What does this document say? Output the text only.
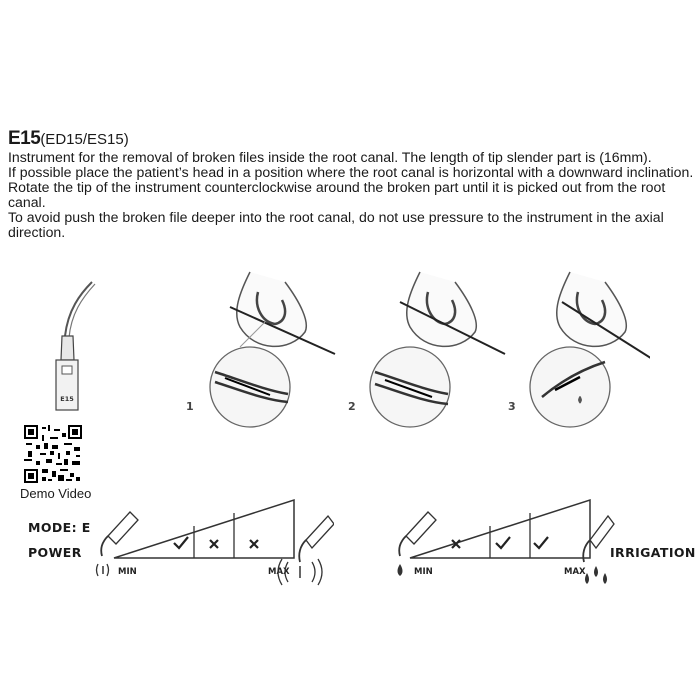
E15(ED15/ES15)

Instrument for the removal of broken files inside the root canal. The length of tip slender part is (16mm).

If possible place the patient’s head in a position where the root canal is horizontal with a downward inclination. Rotate the tip of the instrument counterclockwise around the broken part until it is picked out from the root canal.

To avoid push the broken file deeper into the root canal, do not use pressure to the instrument in the axial direction.

E15
1	2	3
Demo Video
MODE: E
POWER
MIN	MAX	MIN	MAX
IRRIGATION
